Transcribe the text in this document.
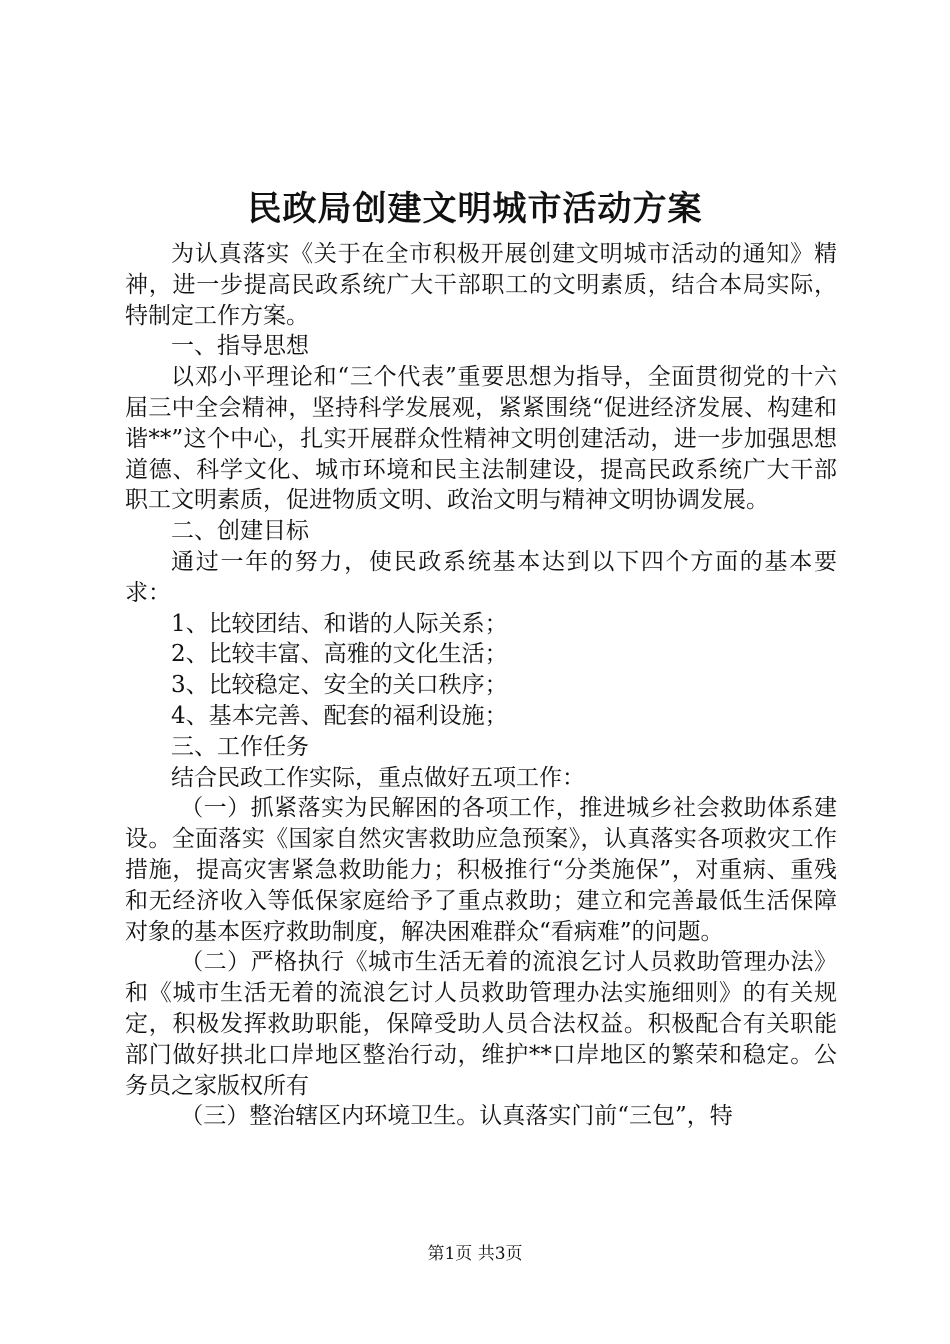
民政局创建文明城市活动方案

为认真落实《关于在全市积极开展创建文明城市活动的通知》精神，进一步提高民政系统广大干部职工的文明素质，结合本局实际，特制定工作方案。

一、指导思想

以邓小平理论和“三个代表”重要思想为指导，全面贯彻党的十六届三中全会精神，坚持科学发展观，紧紧围绕“促进经济发展、构建和谐**”这个中心，扎实开展群众性精神文明创建活动，进一步加强思想道德、科学文化、城市环境和民主法制建设，提高民政系统广大干部职工文明素质，促进物质文明、政治文明与精神文明协调发展。

二、创建目标

通过一年的努力，使民政系统基本达到以下四个方面的基本要求：

1、比较团结、和谐的人际关系；

2、比较丰富、高雅的文化生活；

3、比较稳定、安全的关口秩序；

4、基本完善、配套的福利设施；

三、工作任务

结合民政工作实际，重点做好五项工作：

（一）抓紧落实为民解困的各项工作，推进城乡社会救助体系建设。全面落实《国家自然灾害救助应急预案》，认真落实各项救灾工作措施，提高灾害紧急救助能力；积极推行“分类施保”，对重病、重残和无经济收入等低保家庭给予了重点救助；建立和完善最低生活保障对象的基本医疗救助制度，解决困难群众“看病难”的问题。

（二）严格执行《城市生活无着的流浪乞讨人员救助管理办法》和《城市生活无着的流浪乞讨人员救助管理办法实施细则》的有关规定，积极发挥救助职能，保障受助人员合法权益。积极配合有关职能部门做好拱北口岸地区整治行动，维护**口岸地区的繁荣和稳定。公务员之家版权所有

（三）整治辖区内环境卫生。认真落实门前“三包”，特

第1页 共3页
